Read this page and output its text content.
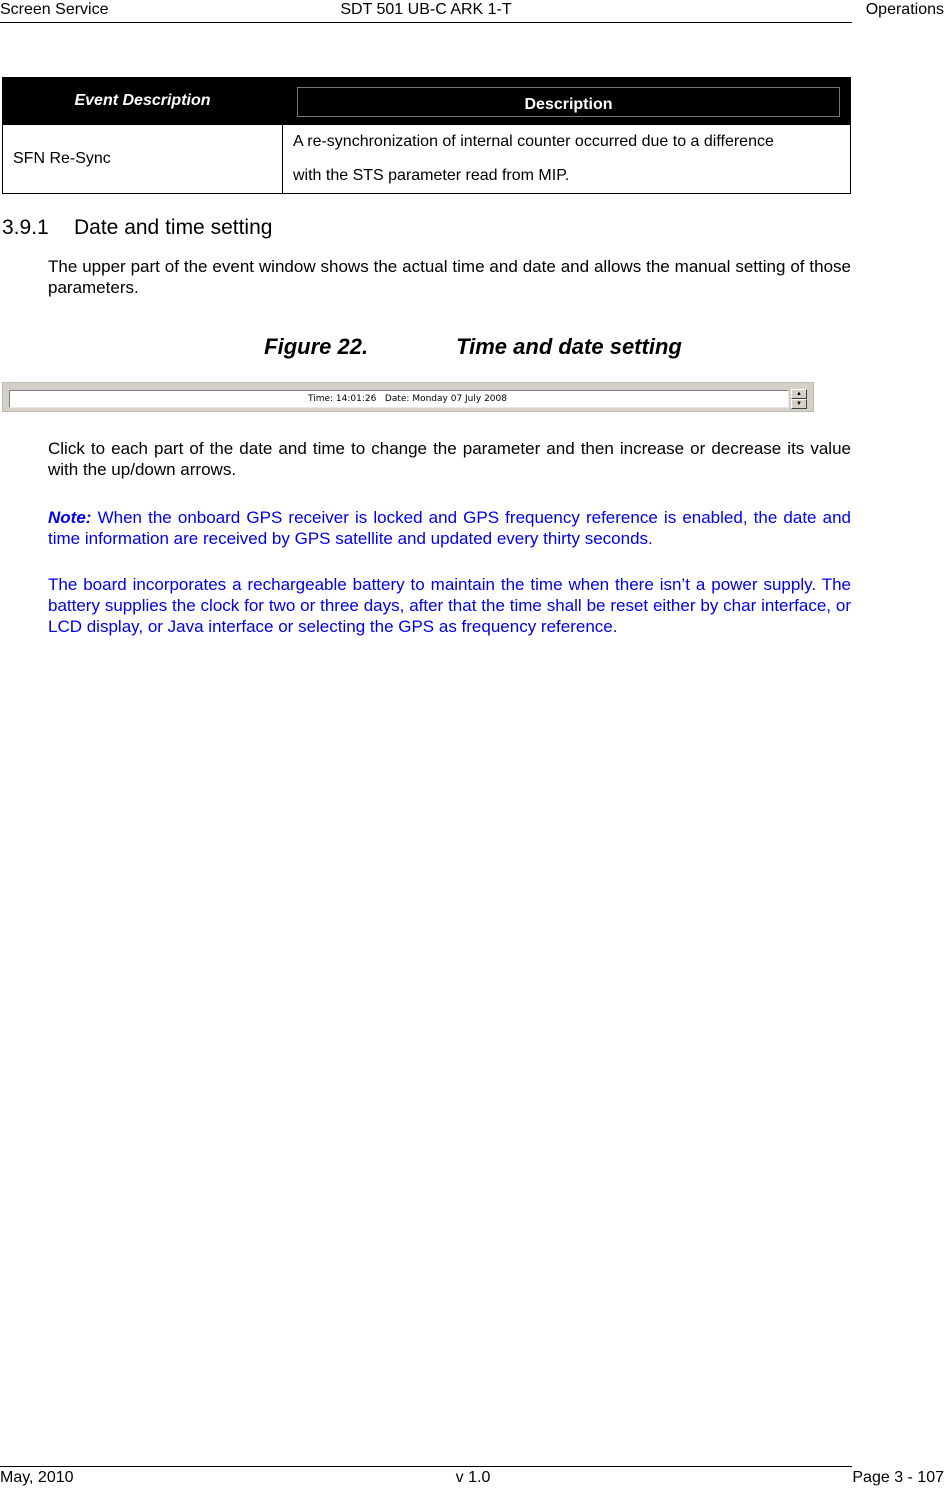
Screen Service	SDT 501 UB-C ARK 1-T	Operations
Event Description	Description

SFN Re-Sync	A re-synchronization of internal counter occurred due to a difference
with the STS parameter read from MIP.
3.9.1 Date and time setting
The upper part of the event window shows the actual time and date and allows the manual setting of those parameters.
Figure 22.	Time and date setting
Time: 14:01:26   Date: Monday 07 July 2008	▲
▼
Click to each part of the date and time to change the parameter and then increase or decrease its value with the up/down arrows.
Note: When the onboard GPS receiver is locked and GPS frequency reference is enabled, the date and time information are received by GPS satellite and updated every thirty seconds.
The board incorporates a rechargeable battery to maintain the time when there isn’t a power supply. The battery supplies the clock for two or three days, after that the time shall be reset either by char interface, or LCD display, or Java interface or selecting the GPS as frequency reference.
May, 2010	v 1.0	Page 3 - 107
